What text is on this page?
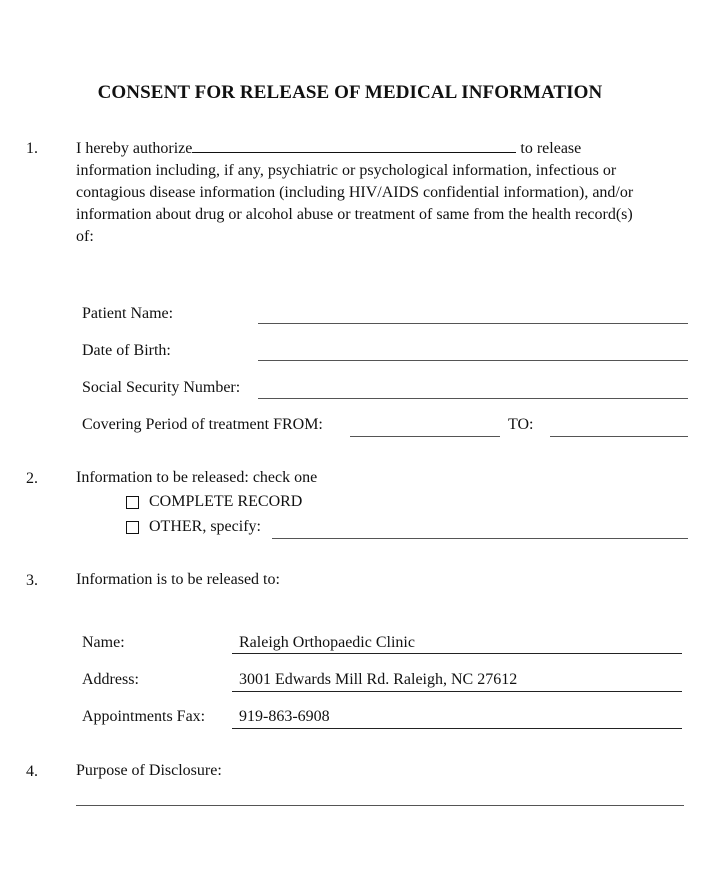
CONSENT FOR RELEASE OF MEDICAL INFORMATION
1. I hereby authorize	to release
information including, if any, psychiatric or psychological information, infectious or
contagious disease information (including HIV/AIDS confidential information), and/or
information about drug or alcohol abuse or treatment of same from the health record(s)
of:
Patient Name:
Date of Birth:
Social Security Number:
Covering Period of treatment FROM:	TO:
2. Information to be released: check one
COMPLETE RECORD
OTHER, specify:
3. Information is to be released to:
Name:	Raleigh Orthopaedic Clinic
Address:	3001 Edwards Mill Rd. Raleigh, NC 27612
Appointments Fax: 919-863-6908
4. Purpose of Disclosure:
